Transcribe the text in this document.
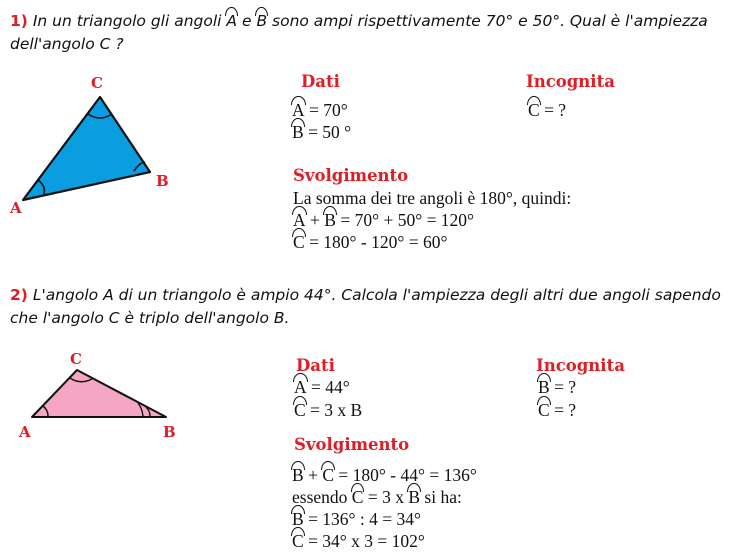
1) In un triangolo gli angoli A e B sono ampi rispettivamente 70° e 50°. Qual è l'ampiezza
dell'angolo C ?
C
A
B
Dati	Incognita
A = 70°
B = 50 °
C = ?
Svolgimento
La somma dei tre angoli è 180°, quindi:
A + B = 70° + 50° = 120°
C = 180° - 120° = 60°
2) L'angolo A di un triangolo è ampio 44°. Calcola l'ampiezza degli altri due angoli sapendo
che l'angolo C è triplo dell'angolo B.
C
A	B
Dati	Incognita
A = 44°
C = 3 x B
B = ?
C = ?
Svolgimento
B + C = 180° - 44° = 136°
essendo C = 3 x B si ha:
B = 136° : 4 = 34°
C = 34° x 3 = 102°
